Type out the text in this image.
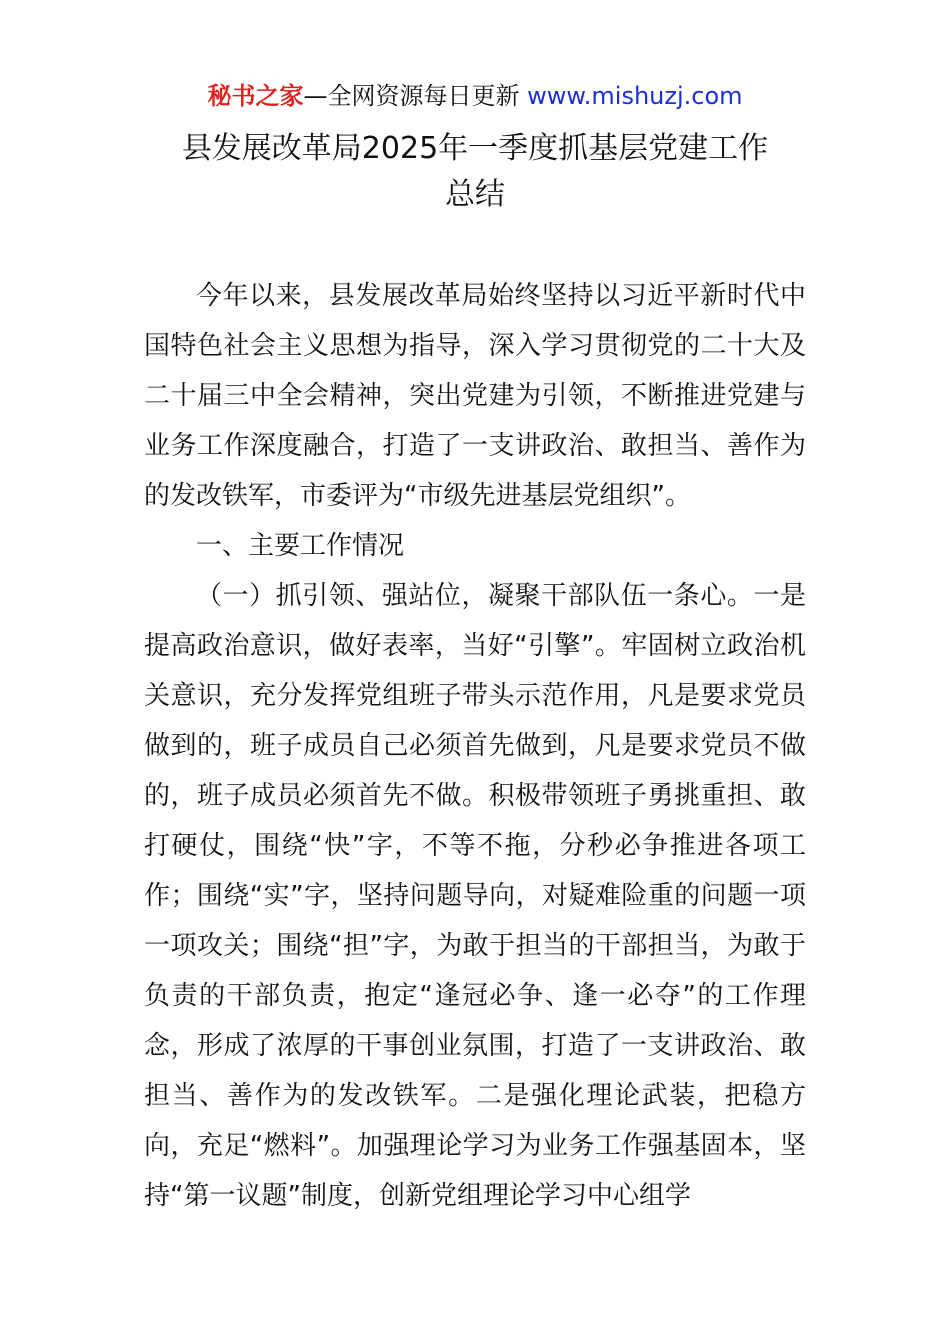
秘书之家—全网资源每日更新 www.mishuzj.com
县发展改革局2025年一季度抓基层党建工作
总结

今年以来，县发展改革局始终坚持以习近平新时代中国特色社会主义思想为指导，深入学习贯彻党的二十大及二十届三中全会精神，突出党建为引领，不断推进党建与业务工作深度融合，打造了一支讲政治、敢担当、善作为的发改铁军，市委评为“市级先进基层党组织”。

一、主要工作情况

（一）抓引领、强站位，凝聚干部队伍一条心。一是提高政治意识，做好表率，当好“引擎”。牢固树立政治机关意识，充分发挥党组班子带头示范作用，凡是要求党员做到的，班子成员自己必须首先做到，凡是要求党员不做的，班子成员必须首先不做。积极带领班子勇挑重担、敢打硬仗，围绕“快”字，不等不拖，分秒必争推进各项工作；围绕“实”字，坚持问题导向，对疑难险重的问题一项一项攻关；围绕“担”字，为敢于担当的干部担当，为敢于负责的干部负责，抱定“逢冠必争、逢一必夺”的工作理念，形成了浓厚的干事创业氛围，打造了一支讲政治、敢担当、善作为的发改铁军。二是强化理论武装，把稳方向，充足“燃料”。加强理论学习为业务工作强基固本，坚持“第一议题”制度，创新党组理论学习中心组学
